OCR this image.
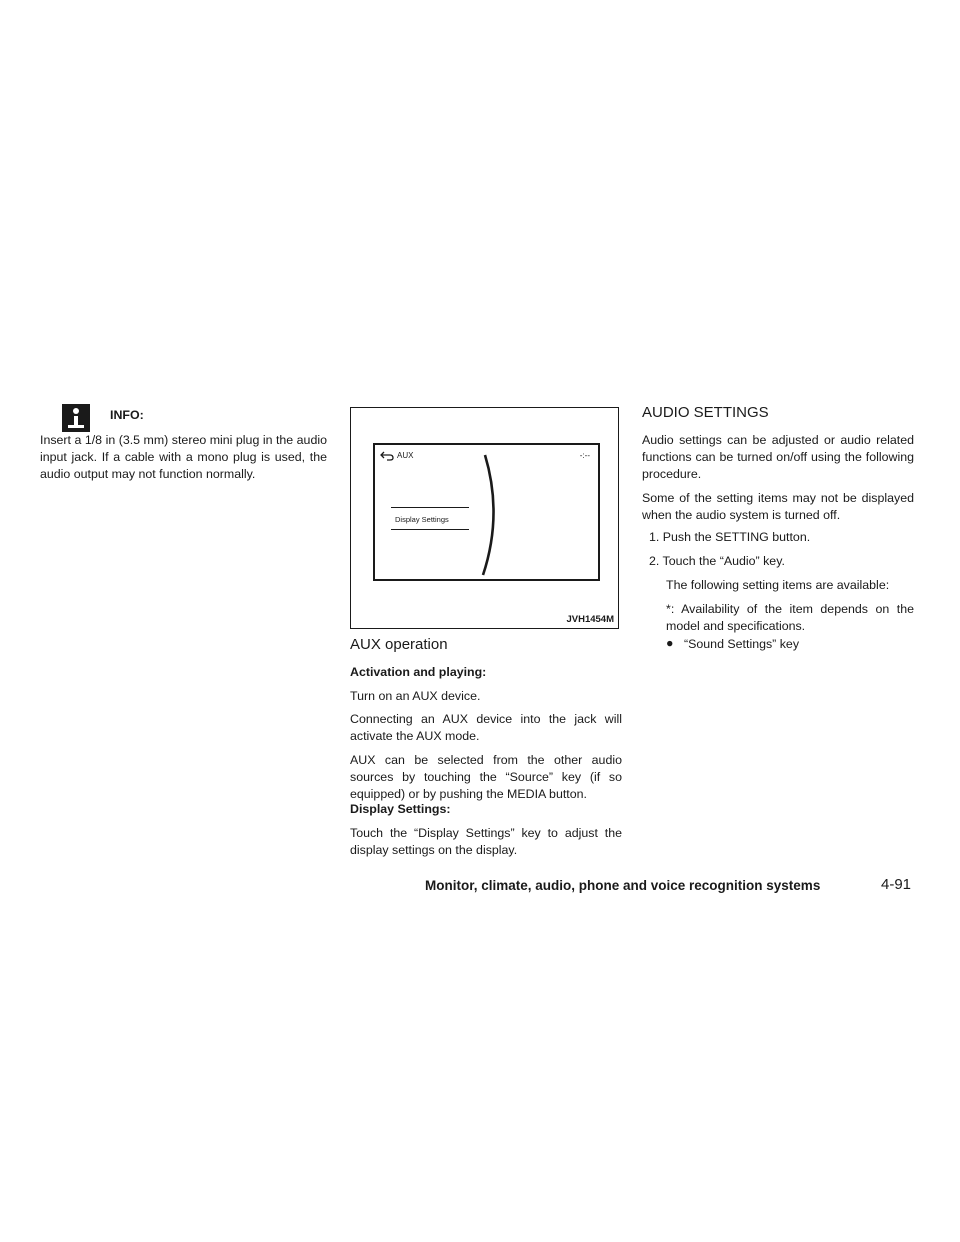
INFO:

Insert a 1/8 in (3.5 mm) stereo mini plug in the audio input jack. If a cable with a mono plug is used, the audio output may not function normally.

AUX	-:--
Display Settings
JVH1454M
AUX operation

Activation and playing:

Turn on an AUX device.

Connecting an AUX device into the jack will activate the AUX mode.

AUX can be selected from the other audio sources by touching the “Source” key (if so equipped) or by pushing the MEDIA button.

Display Settings:

Touch the “Display Settings” key to adjust the display settings on the display.

AUDIO SETTINGS

Audio settings can be adjusted or audio related functions can be turned on/off using the following procedure.

Some of the setting items may not be displayed when the audio system is turned off.

1. Push the SETTING button.
2. Touch the “Audio” key.

The following setting items are available:

*: Availability of the item depends on the model and specifications.

● “Sound Settings” key
Monitor, climate, audio, phone and voice recognition systems	4-91
